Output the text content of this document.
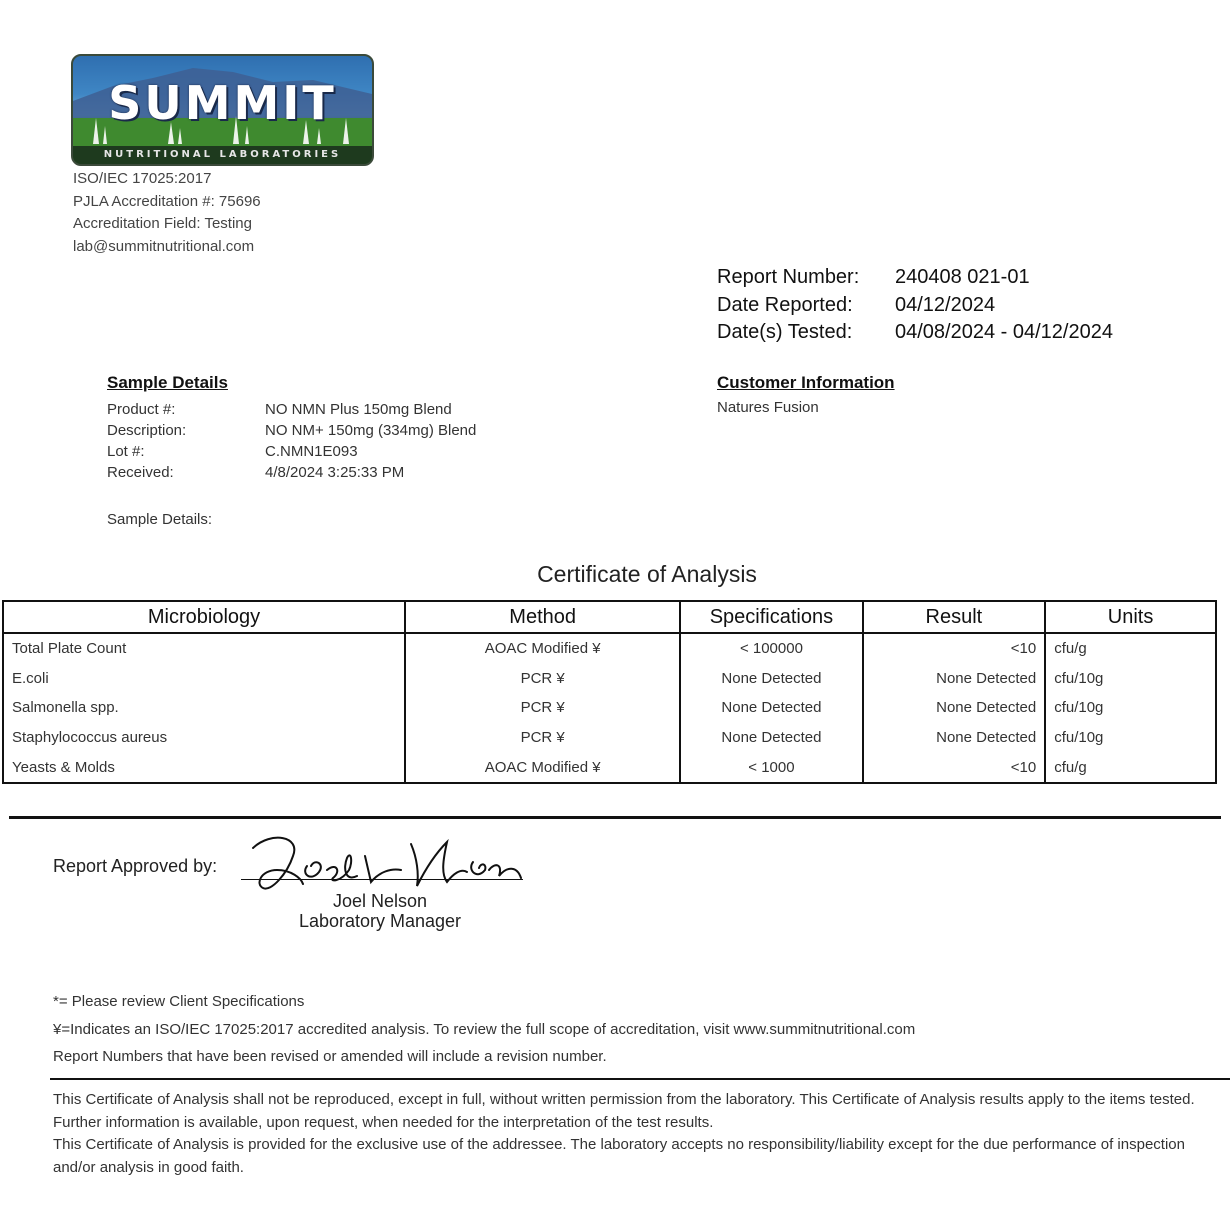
SUMMIT
NUTRITIONAL LABORATORIES
ISO/IEC 17025:2017
PJLA Accreditation #: 75696
Accreditation Field: Testing
lab@summitnutritional.com
Report Number:	240408 021-01
Date Reported:	04/12/2024
Date(s) Tested:	04/08/2024 - 04/12/2024
Sample Details
Product #:	NO NMN Plus 150mg Blend
Description:	NO NM+ 150mg (334mg) Blend
Lot #:	C.NMN1E093
Received:	4/8/2024 3:25:33 PM
Sample Details:
Customer Information
Natures Fusion
Certificate of Analysis
Microbiology	Method	Specifications	Result	Units
Total Plate Count	AOAC Modified ¥	< 100000	<10	cfu/g
E.coli	PCR ¥	None Detected	None Detected	cfu/10g
Salmonella spp.	PCR ¥	None Detected	None Detected	cfu/10g
Staphylococcus aureus	PCR ¥	None Detected	None Detected	cfu/10g
Yeasts & Molds	AOAC Modified ¥	< 1000	<10	cfu/g
Report Approved by:
Joel Nelson
Laboratory Manager
*= Please review Client Specifications
¥=Indicates an ISO/IEC 17025:2017 accredited analysis. To review the full scope of accreditation, visit www.summitnutritional.com
Report Numbers that have been revised or amended will include a revision number.
This Certificate of Analysis shall not be reproduced, except in full, without written permission from the laboratory. This Certificate of Analysis results apply to the items tested. Further information is available, upon request, when needed for the interpretation of the test results.
This Certificate of Analysis is provided for the exclusive use of the addressee. The laboratory accepts no responsibility/liability except for the due performance of inspection and/or analysis in good faith.
